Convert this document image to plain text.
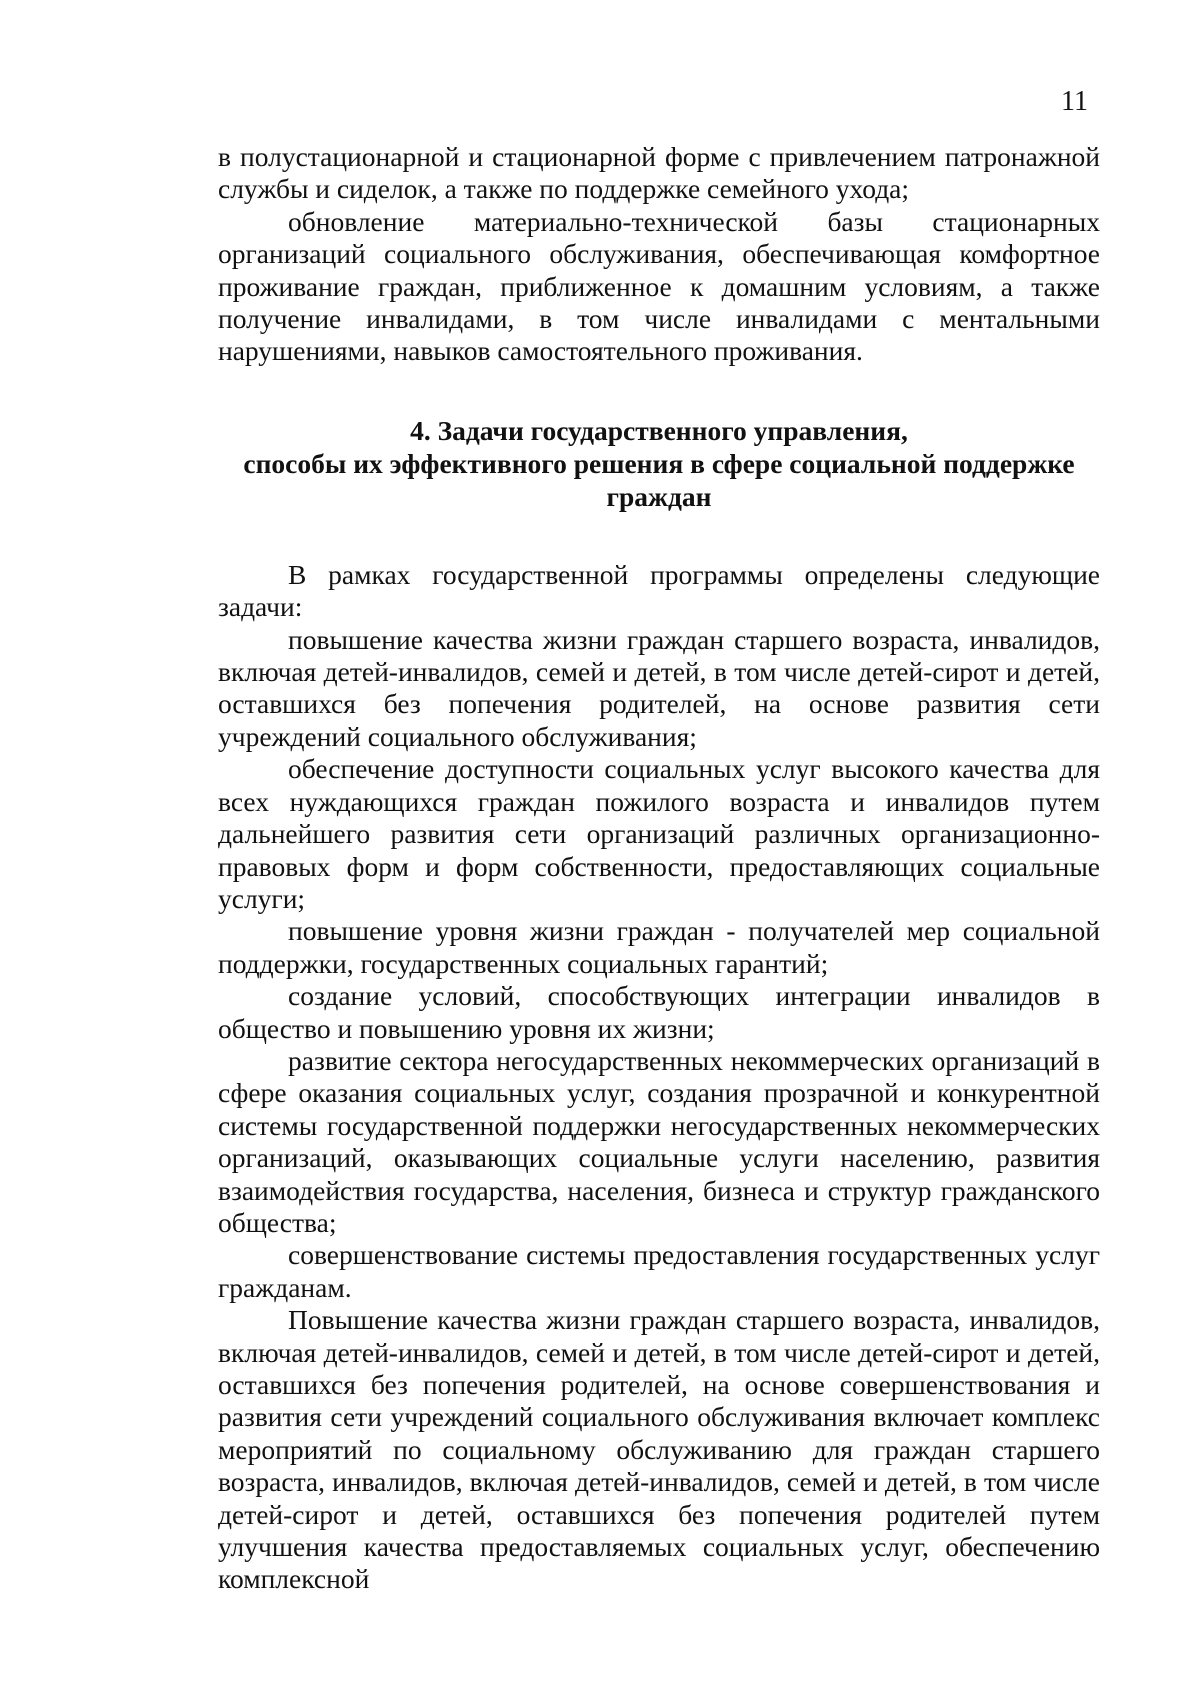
11

в полустационарной и стационарной форме с привлечением патронажной службы и сиделок, а также по поддержке семейного ухода;

обновление материально-технической базы стационарных организаций социального обслуживания, обеспечивающая комфортное проживание граждан, приближенное к домашним условиям, а также получение инвалидами, в том числе инвалидами с ментальными нарушениями, навыков самостоятельного проживания.

4. Задачи государственного управления,
способы их эффективного решения в сфере социальной поддержке
граждан

В рамках государственной программы определены следующие задачи:

повышение качества жизни граждан старшего возраста, инвалидов, включая детей-инвалидов, семей и детей, в том числе детей-сирот и детей, оставшихся без попечения родителей, на основе развития сети учреждений социального обслуживания;

обеспечение доступности социальных услуг высокого качества для всех нуждающихся граждан пожилого возраста и инвалидов путем дальнейшего развития сети организаций различных организационно-правовых форм и форм собственности, предоставляющих социальные услуги;

повышение уровня жизни граждан - получателей мер социальной поддержки, государственных социальных гарантий;

создание условий, способствующих интеграции инвалидов в общество и повышению уровня их жизни;

развитие сектора негосударственных некоммерческих организаций в сфере оказания социальных услуг, создания прозрачной и конкурентной системы государственной поддержки негосударственных некоммерческих организаций, оказывающих социальные услуги населению, развития взаимодействия государства, населения, бизнеса и структур гражданского общества;

совершенствование системы предоставления государственных услуг гражданам.

Повышение качества жизни граждан старшего возраста, инвалидов, включая детей-инвалидов, семей и детей, в том числе детей-сирот и детей, оставшихся без попечения родителей, на основе совершенствования и развития сети учреждений социального обслуживания включает комплекс мероприятий по социальному обслуживанию для граждан старшего возраста, инвалидов, включая детей-инвалидов, семей и детей, в том числе детей-сирот и детей, оставшихся без попечения родителей путем улучшения качества предоставляемых социальных услуг, обеспечению комплексной
